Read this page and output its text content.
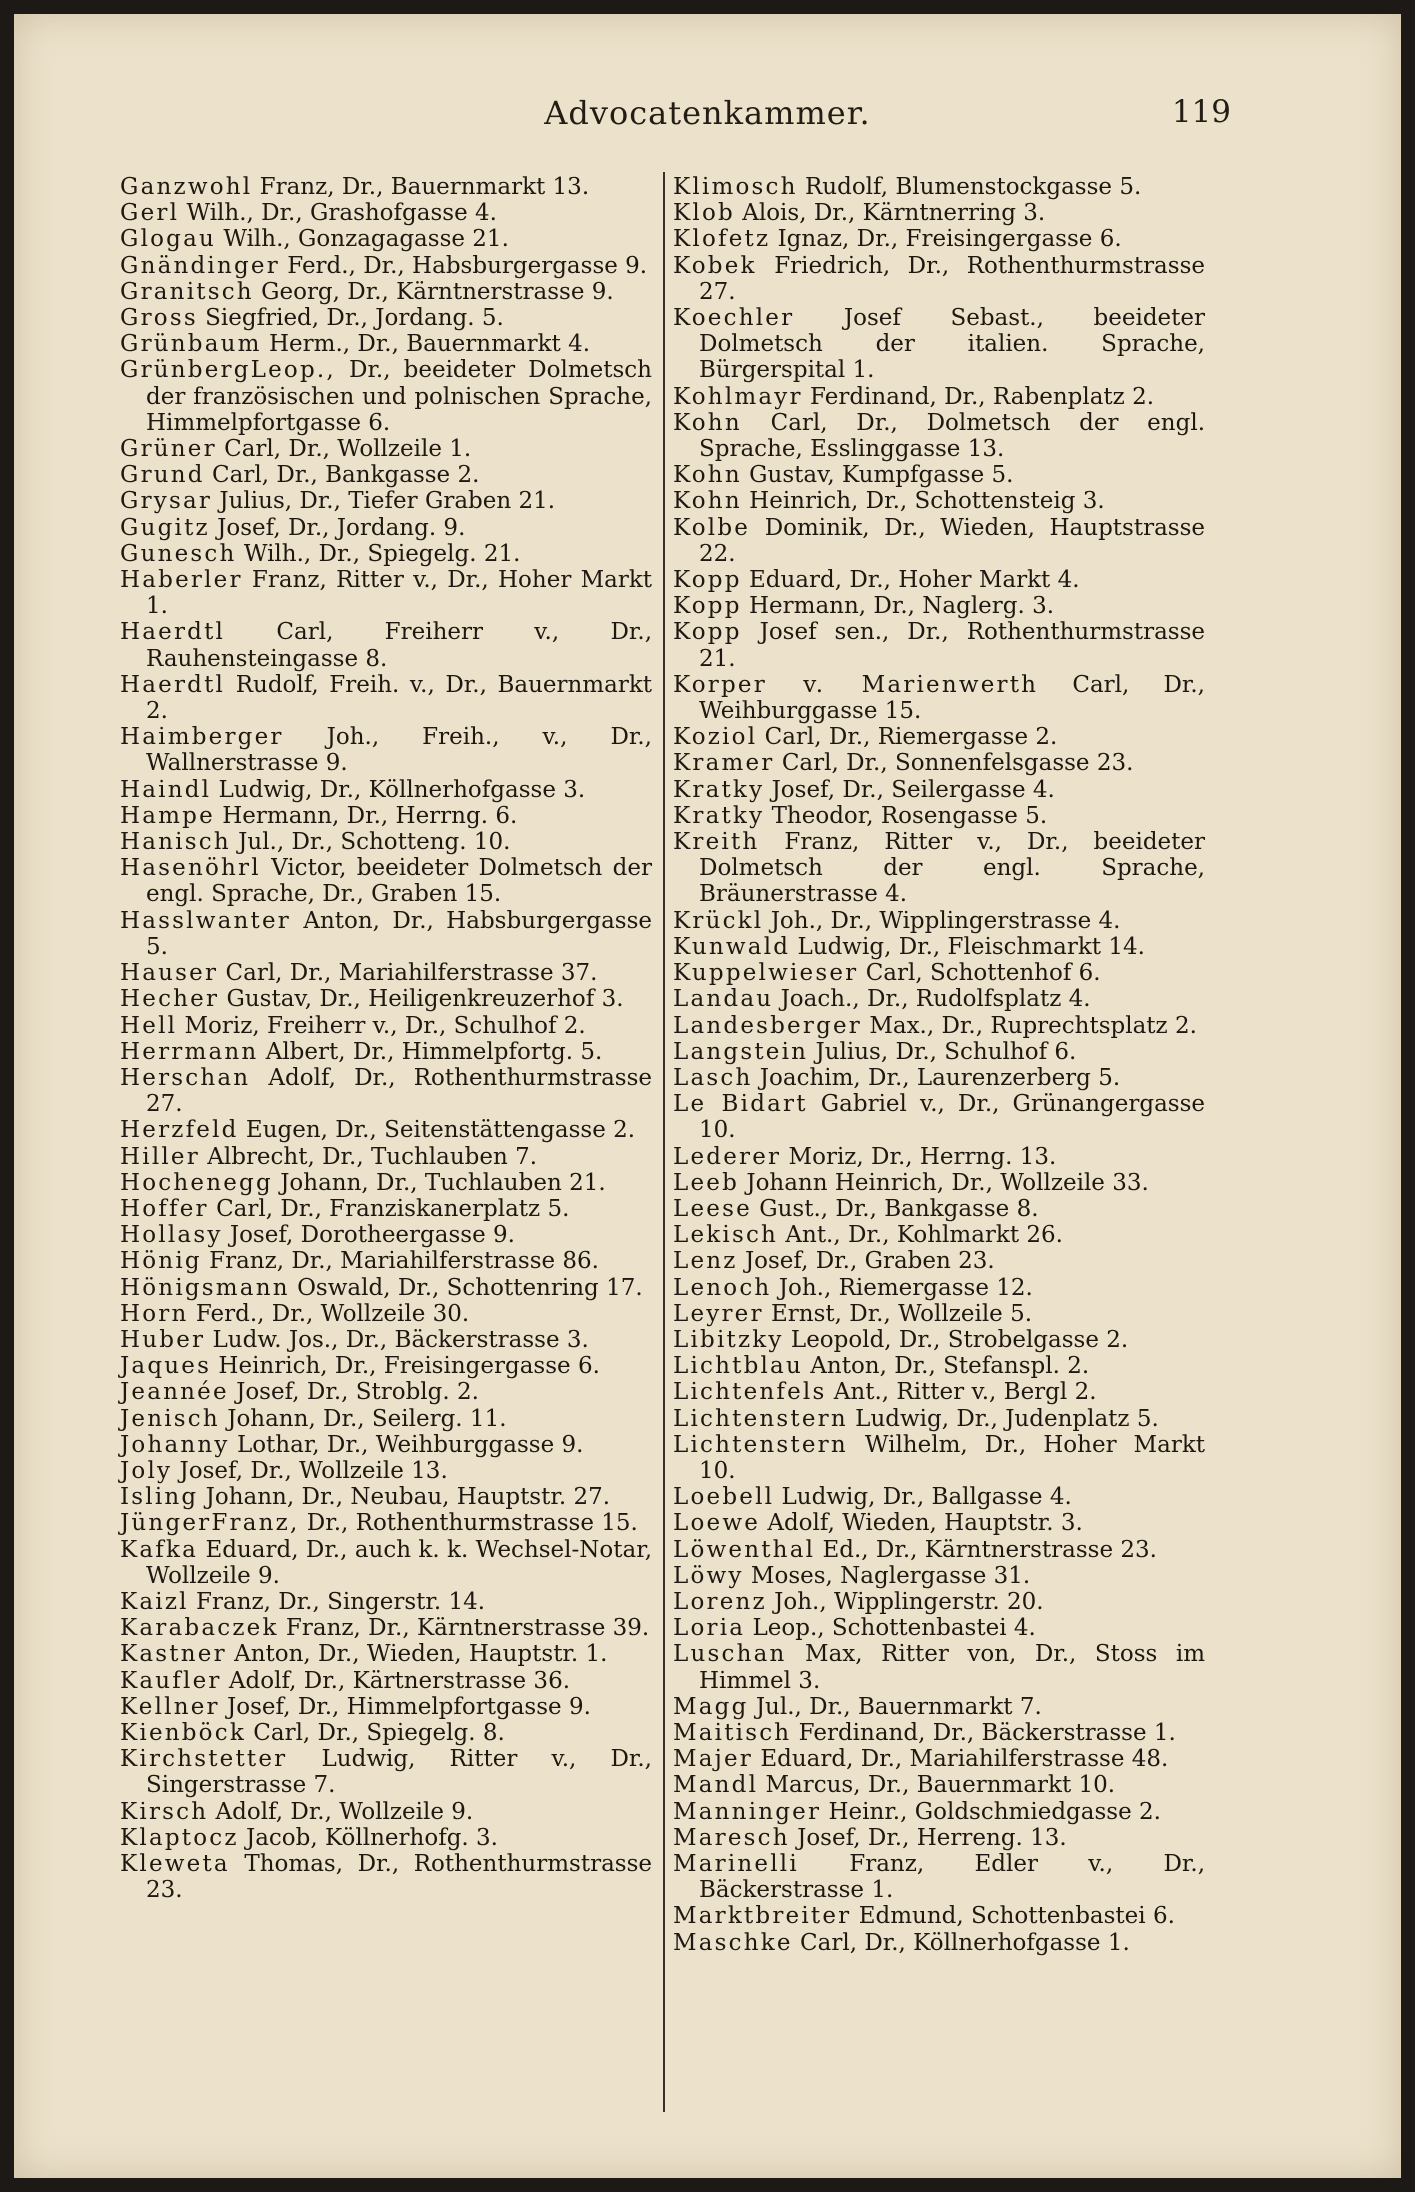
Advocatenkammer.	119
Ganzwohl Franz, Dr., Bauernmarkt 13.
Gerl Wilh., Dr., Grashofgasse 4.
Glogau Wilh., Gonzagagasse 21.
Gnändinger Ferd., Dr., Habsburgergasse 9.
Granitsch Georg, Dr., Kärntnerstrasse 9.
Gross Siegfried, Dr., Jordang. 5.
Grünbaum Herm., Dr., Bauernmarkt 4.
GrünbergLeop., Dr., beeideter Dolmetsch der französischen und polnischen Sprache, Himmelpfortgasse 6.
Grüner Carl, Dr., Wollzeile 1.
Grund Carl, Dr., Bankgasse 2.
Grysar Julius, Dr., Tiefer Graben 21.
Gugitz Josef, Dr., Jordang. 9.
Gunesch Wilh., Dr., Spiegelg. 21.
Haberler Franz, Ritter v., Dr., Hoher Markt 1.
Haerdtl Carl, Freiherr v., Dr., Rauhensteingasse 8.
Haerdtl Rudolf, Freih. v., Dr., Bauernmarkt 2.
Haimberger Joh., Freih., v., Dr., Wallnerstrasse 9.
Haindl Ludwig, Dr., Köllnerhofgasse 3.
Hampe Hermann, Dr., Herrng. 6.
Hanisch Jul., Dr., Schotteng. 10.
Hasenöhrl Victor, beeideter Dolmetsch der engl. Sprache, Dr., Graben 15.
Hasslwanter Anton, Dr., Habsburgergasse 5.
Hauser Carl, Dr., Mariahilferstrasse 37.
Hecher Gustav, Dr., Heiligenkreuzerhof 3.
Hell Moriz, Freiherr v., Dr., Schulhof 2.
Herrmann Albert, Dr., Himmelpfortg. 5.
Herschan Adolf, Dr., Rothenthurmstrasse 27.
Herzfeld Eugen, Dr., Seitenstättengasse 2.
Hiller Albrecht, Dr., Tuchlauben 7.
Hochenegg Johann, Dr., Tuchlauben 21.
Hoffer Carl, Dr., Franziskanerplatz 5.
Hollasy Josef, Dorotheergasse 9.
Hönig Franz, Dr., Mariahilferstrasse 86.
Hönigsmann Oswald, Dr., Schottenring 17.
Horn Ferd., Dr., Wollzeile 30.
Huber Ludw. Jos., Dr., Bäckerstrasse 3.
Jaques Heinrich, Dr., Freisingergasse 6.
Jeannée Josef, Dr., Stroblg. 2.
Jenisch Johann, Dr., Seilerg. 11.
Johanny Lothar, Dr., Weihburggasse 9.
Joly Josef, Dr., Wollzeile 13.
Isling Johann, Dr., Neubau, Hauptstr. 27.
JüngerFranz, Dr., Rothenthurmstrasse 15.
Kafka Eduard, Dr., auch k. k. Wechsel-Notar, Wollzeile 9.
Kaizl Franz, Dr., Singerstr. 14.
Karabaczek Franz, Dr., Kärntnerstrasse 39.
Kastner Anton, Dr., Wieden, Hauptstr. 1.
Kaufler Adolf, Dr., Kärtnerstrasse 36.
Kellner Josef, Dr., Himmelpfortgasse 9.
Kienböck Carl, Dr., Spiegelg. 8.
Kirchstetter Ludwig, Ritter v., Dr., Singerstrasse 7.
Kirsch Adolf, Dr., Wollzeile 9.
Klaptocz Jacob, Köllnerhofg. 3.
Kleweta Thomas, Dr., Rothenthurmstrasse 23.
Klimosch Rudolf, Blumenstockgasse 5.
Klob Alois, Dr., Kärntnerring 3.
Klofetz Ignaz, Dr., Freisingergasse 6.
Kobek Friedrich, Dr., Rothenthurmstrasse 27.
Koechler Josef Sebast., beeideter Dolmetsch der italien. Sprache, Bürgerspital 1.
Kohlmayr Ferdinand, Dr., Rabenplatz 2.
Kohn Carl, Dr., Dolmetsch der engl. Sprache, Esslinggasse 13.
Kohn Gustav, Kumpfgasse 5.
Kohn Heinrich, Dr., Schottensteig 3.
Kolbe Dominik, Dr., Wieden, Hauptstrasse 22.
Kopp Eduard, Dr., Hoher Markt 4.
Kopp Hermann, Dr., Naglerg. 3.
Kopp Josef sen., Dr., Rothenthurmstrasse 21.
Korper v. Marienwerth Carl, Dr., Weihburggasse 15.
Koziol Carl, Dr., Riemergasse 2.
Kramer Carl, Dr., Sonnenfelsgasse 23.
Kratky Josef, Dr., Seilergasse 4.
Kratky Theodor, Rosengasse 5.
Kreith Franz, Ritter v., Dr., beeideter Dolmetsch der engl. Sprache, Bräunerstrasse 4.
Krückl Joh., Dr., Wipplingerstrasse 4.
Kunwald Ludwig, Dr., Fleischmarkt 14.
Kuppelwieser Carl, Schottenhof 6.
Landau Joach., Dr., Rudolfsplatz 4.
Landesberger Max., Dr., Ruprechtsplatz 2.
Langstein Julius, Dr., Schulhof 6.
Lasch Joachim, Dr., Laurenzerberg 5.
Le Bidart Gabriel v., Dr., Grünangergasse 10.
Lederer Moriz, Dr., Herrng. 13.
Leeb Johann Heinrich, Dr., Wollzeile 33.
Leese Gust., Dr., Bankgasse 8.
Lekisch Ant., Dr., Kohlmarkt 26.
Lenz Josef, Dr., Graben 23.
Lenoch Joh., Riemergasse 12.
Leyrer Ernst, Dr., Wollzeile 5.
Libitzky Leopold, Dr., Strobelgasse 2.
Lichtblau Anton, Dr., Stefanspl. 2.
Lichtenfels Ant., Ritter v., Bergl 2.
Lichtenstern Ludwig, Dr., Judenplatz 5.
Lichtenstern Wilhelm, Dr., Hoher Markt 10.
Loebell Ludwig, Dr., Ballgasse 4.
Loewe Adolf, Wieden, Hauptstr. 3.
Löwenthal Ed., Dr., Kärntnerstrasse 23.
Löwy Moses, Naglergasse 31.
Lorenz Joh., Wipplingerstr. 20.
Loria Leop., Schottenbastei 4.
Luschan Max, Ritter von, Dr., Stoss im Himmel 3.
Magg Jul., Dr., Bauernmarkt 7.
Maitisch Ferdinand, Dr., Bäckerstrasse 1.
Majer Eduard, Dr., Mariahilferstrasse 48.
Mandl Marcus, Dr., Bauernmarkt 10.
Manninger Heinr., Goldschmiedgasse 2.
Maresch Josef, Dr., Herreng. 13.
Marinelli Franz, Edler v., Dr., Bäckerstrasse 1.
Marktbreiter Edmund, Schottenbastei 6.
Maschke Carl, Dr., Köllnerhofgasse 1.
